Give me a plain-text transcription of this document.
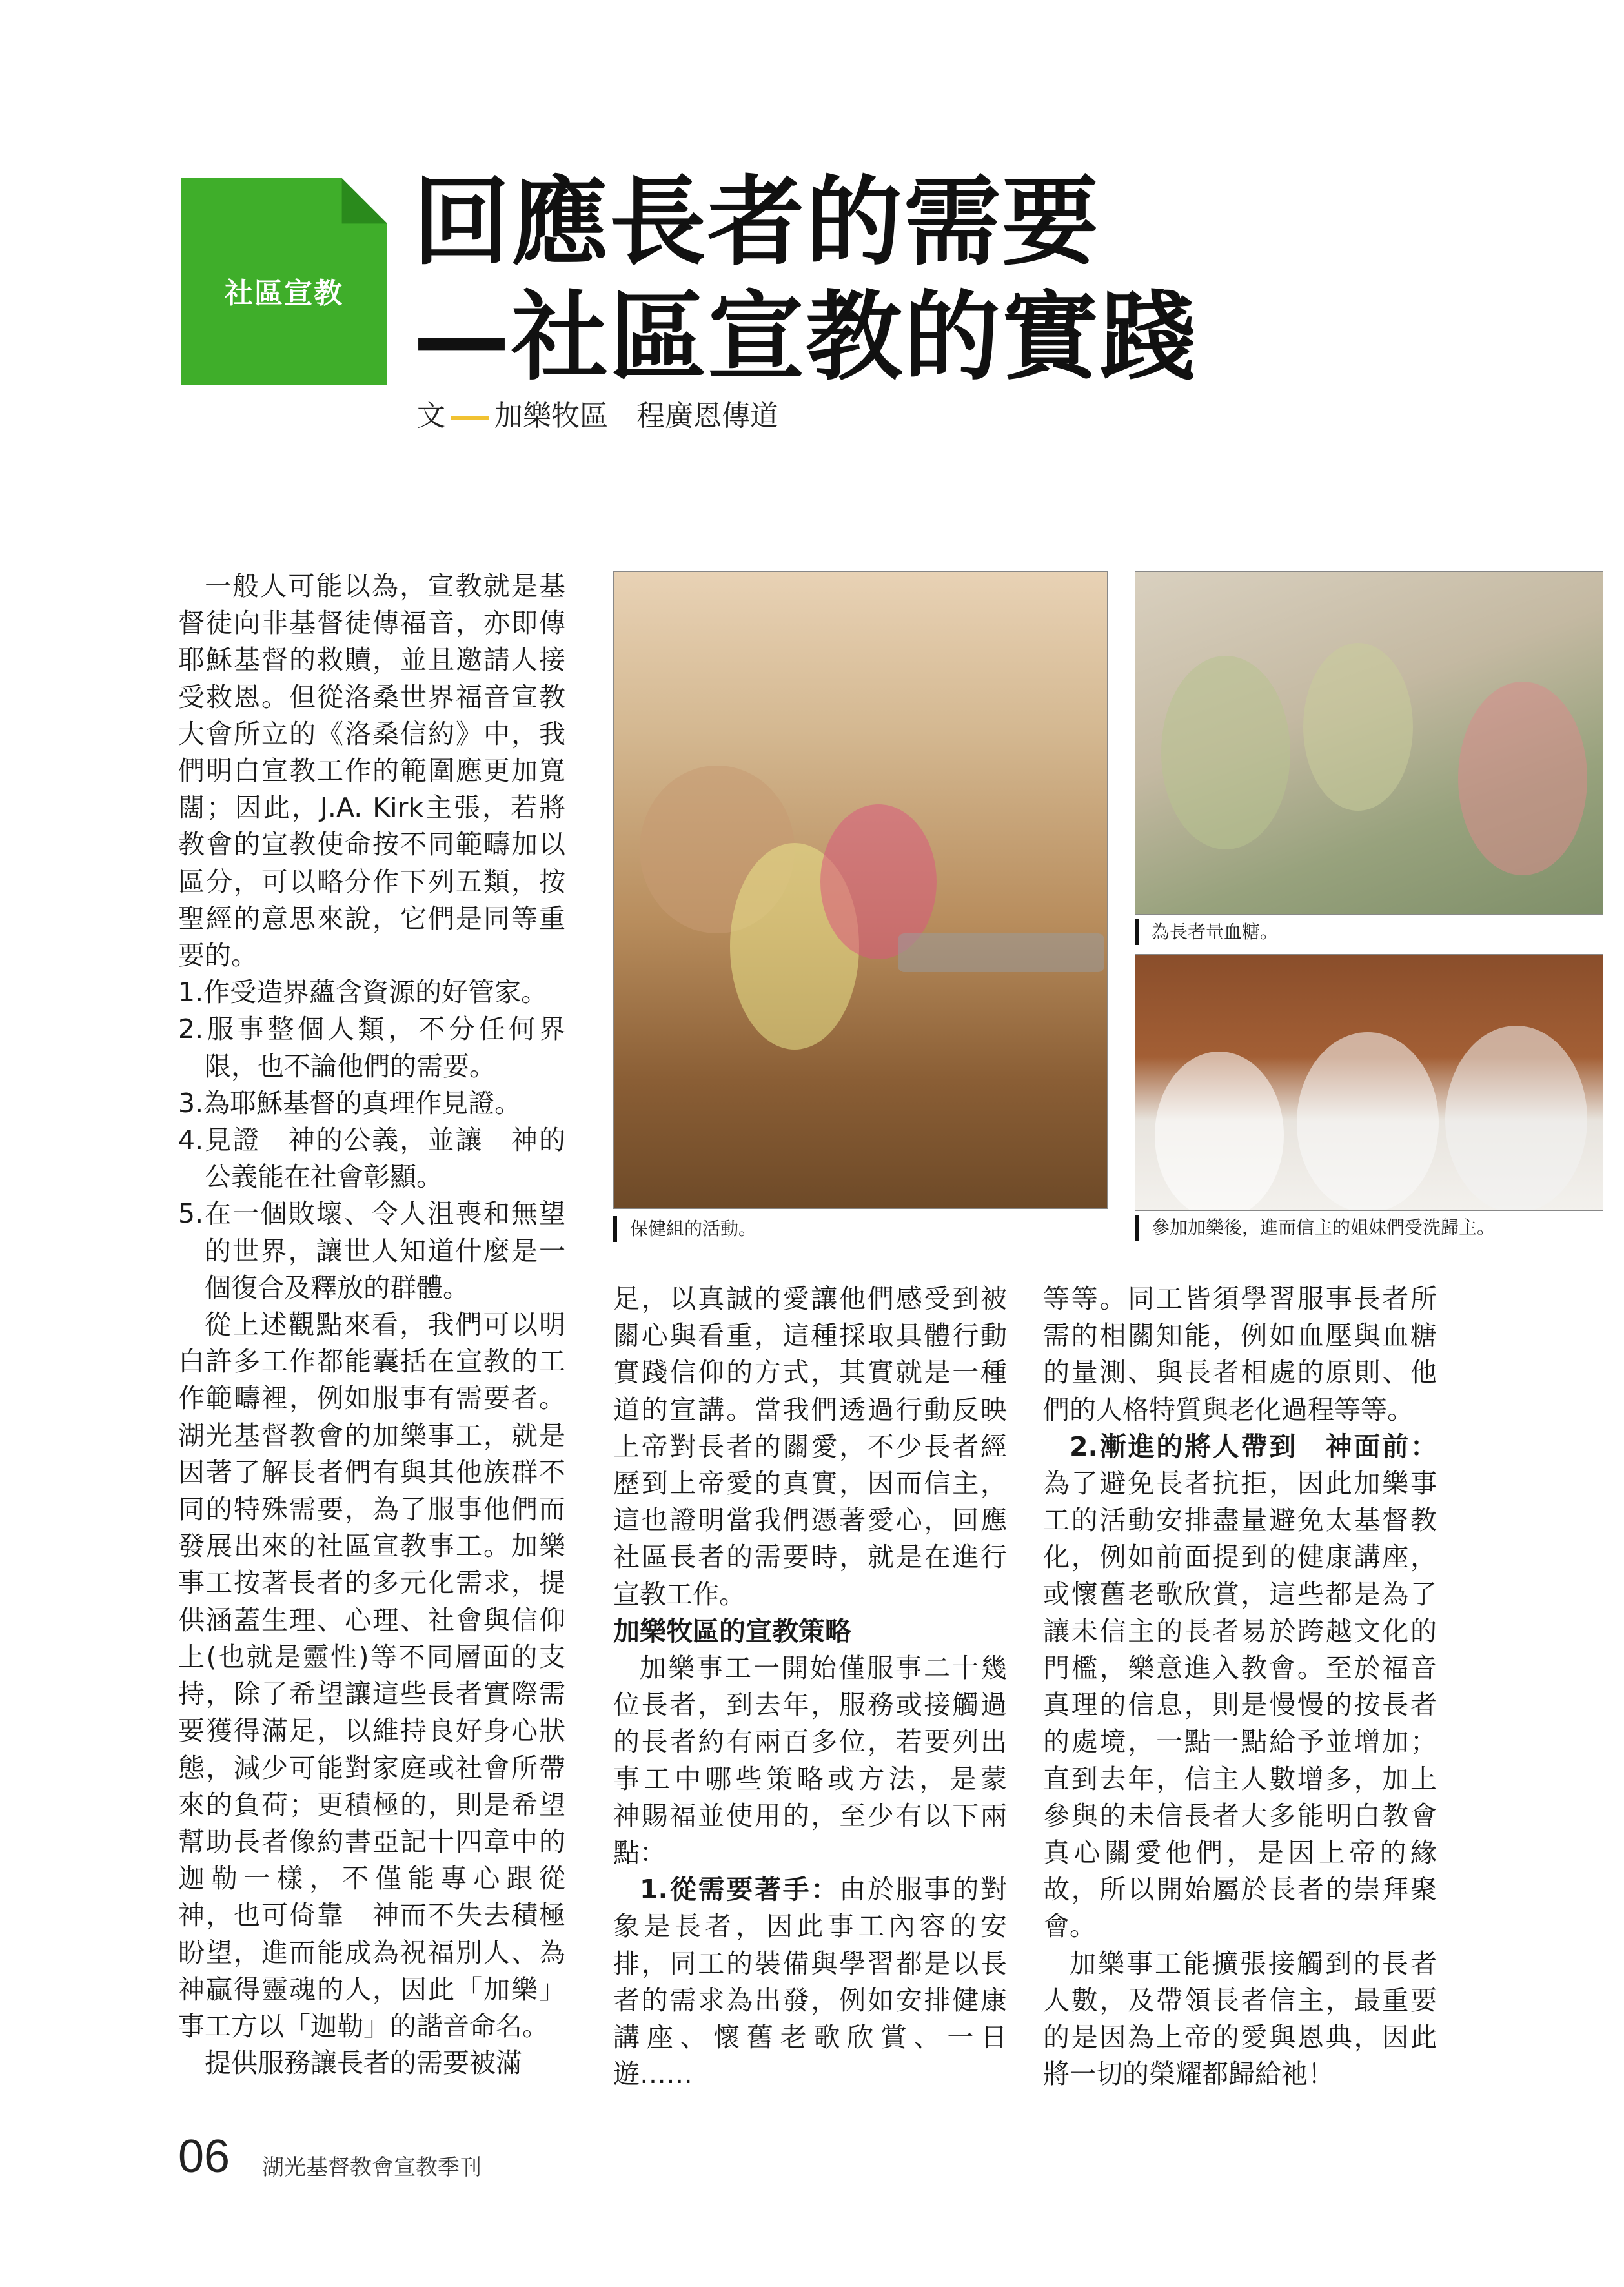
社區宣教
回應長者的需要
—社區宣教的實踐
文 加樂牧區　程廣恩傳道

一般人可能以為，宣教就是基督徒向非基督徒傳福音，亦即傳耶穌基督的救贖，並且邀請人接受救恩。但從洛桑世界福音宣教大會所立的《洛桑信約》中，我們明白宣教工作的範圍應更加寬闊；因此，J.A. Kirk主張，若將教會的宣教使命按不同範疇加以區分，可以略分作下列五類，按聖經的意思來說，它們是同等重要的。

1.作受造界蘊含資源的好管家。
2.服事整個人類，不分任何界限，也不論他們的需要。
3.為耶穌基督的真理作見證。
4.見證　神的公義，並讓　神的公義能在社會彰顯。
5.在一個敗壞、令人沮喪和無望的世界，讓世人知道什麼是一個復合及釋放的群體。

從上述觀點來看，我們可以明白許多工作都能囊括在宣教的工作範疇裡，例如服事有需要者。湖光基督教會的加樂事工，就是因著了解長者們有與其他族群不同的特殊需要，為了服事他們而發展出來的社區宣教事工。加樂事工按著長者的多元化需求，提供涵蓋生理、心理、社會與信仰上(也就是靈性)等不同層面的支持，除了希望讓這些長者實際需要獲得滿足，以維持良好身心狀態，減少可能對家庭或社會所帶來的負荷；更積極的，則是希望幫助長者像約書亞記十四章中的迦勒一樣，不僅能專心跟從　神，也可倚靠　神而不失去積極盼望，進而能成為祝福別人、為　神贏得靈魂的人，因此「加樂」事工方以「迦勒」的諧音命名。

提供服務讓長者的需要被滿

保健組的活動。
為長者量血糖。
參加加樂後，進而信主的姐妹們受洗歸主。

足，以真誠的愛讓他們感受到被關心與看重，這種採取具體行動實踐信仰的方式，其實就是一種道的宣講。當我們透過行動反映上帝對長者的關愛，不少長者經歷到上帝愛的真實，因而信主，這也證明當我們憑著愛心，回應社區長者的需要時，就是在進行宣教工作。

加樂牧區的宣教策略

加樂事工一開始僅服事二十幾位長者，到去年，服務或接觸過的長者約有兩百多位，若要列出事工中哪些策略或方法，是蒙　神賜福並使用的，至少有以下兩點：

1.從需要著手：由於服事的對象是長者，因此事工內容的安排，同工的裝備與學習都是以長者的需求為出發，例如安排健康講座、懷舊老歌欣賞、一日遊……

等等。同工皆須學習服事長者所需的相關知能，例如血壓與血糖的量測、與長者相處的原則、他們的人格特質與老化過程等等。

2.漸進的將人帶到　神面前：為了避免長者抗拒，因此加樂事工的活動安排盡量避免太基督教化，例如前面提到的健康講座，或懷舊老歌欣賞，這些都是為了讓未信主的長者易於跨越文化的門檻，樂意進入教會。至於福音真理的信息，則是慢慢的按長者的處境，一點一點給予並增加；直到去年，信主人數增多，加上參與的未信長者大多能明白教會真心關愛他們，是因上帝的緣故，所以開始屬於長者的崇拜聚會。

加樂事工能擴張接觸到的長者人數，及帶領長者信主，最重要的是因為上帝的愛與恩典，因此將一切的榮耀都歸給祂！

06 湖光基督教會宣教季刊
